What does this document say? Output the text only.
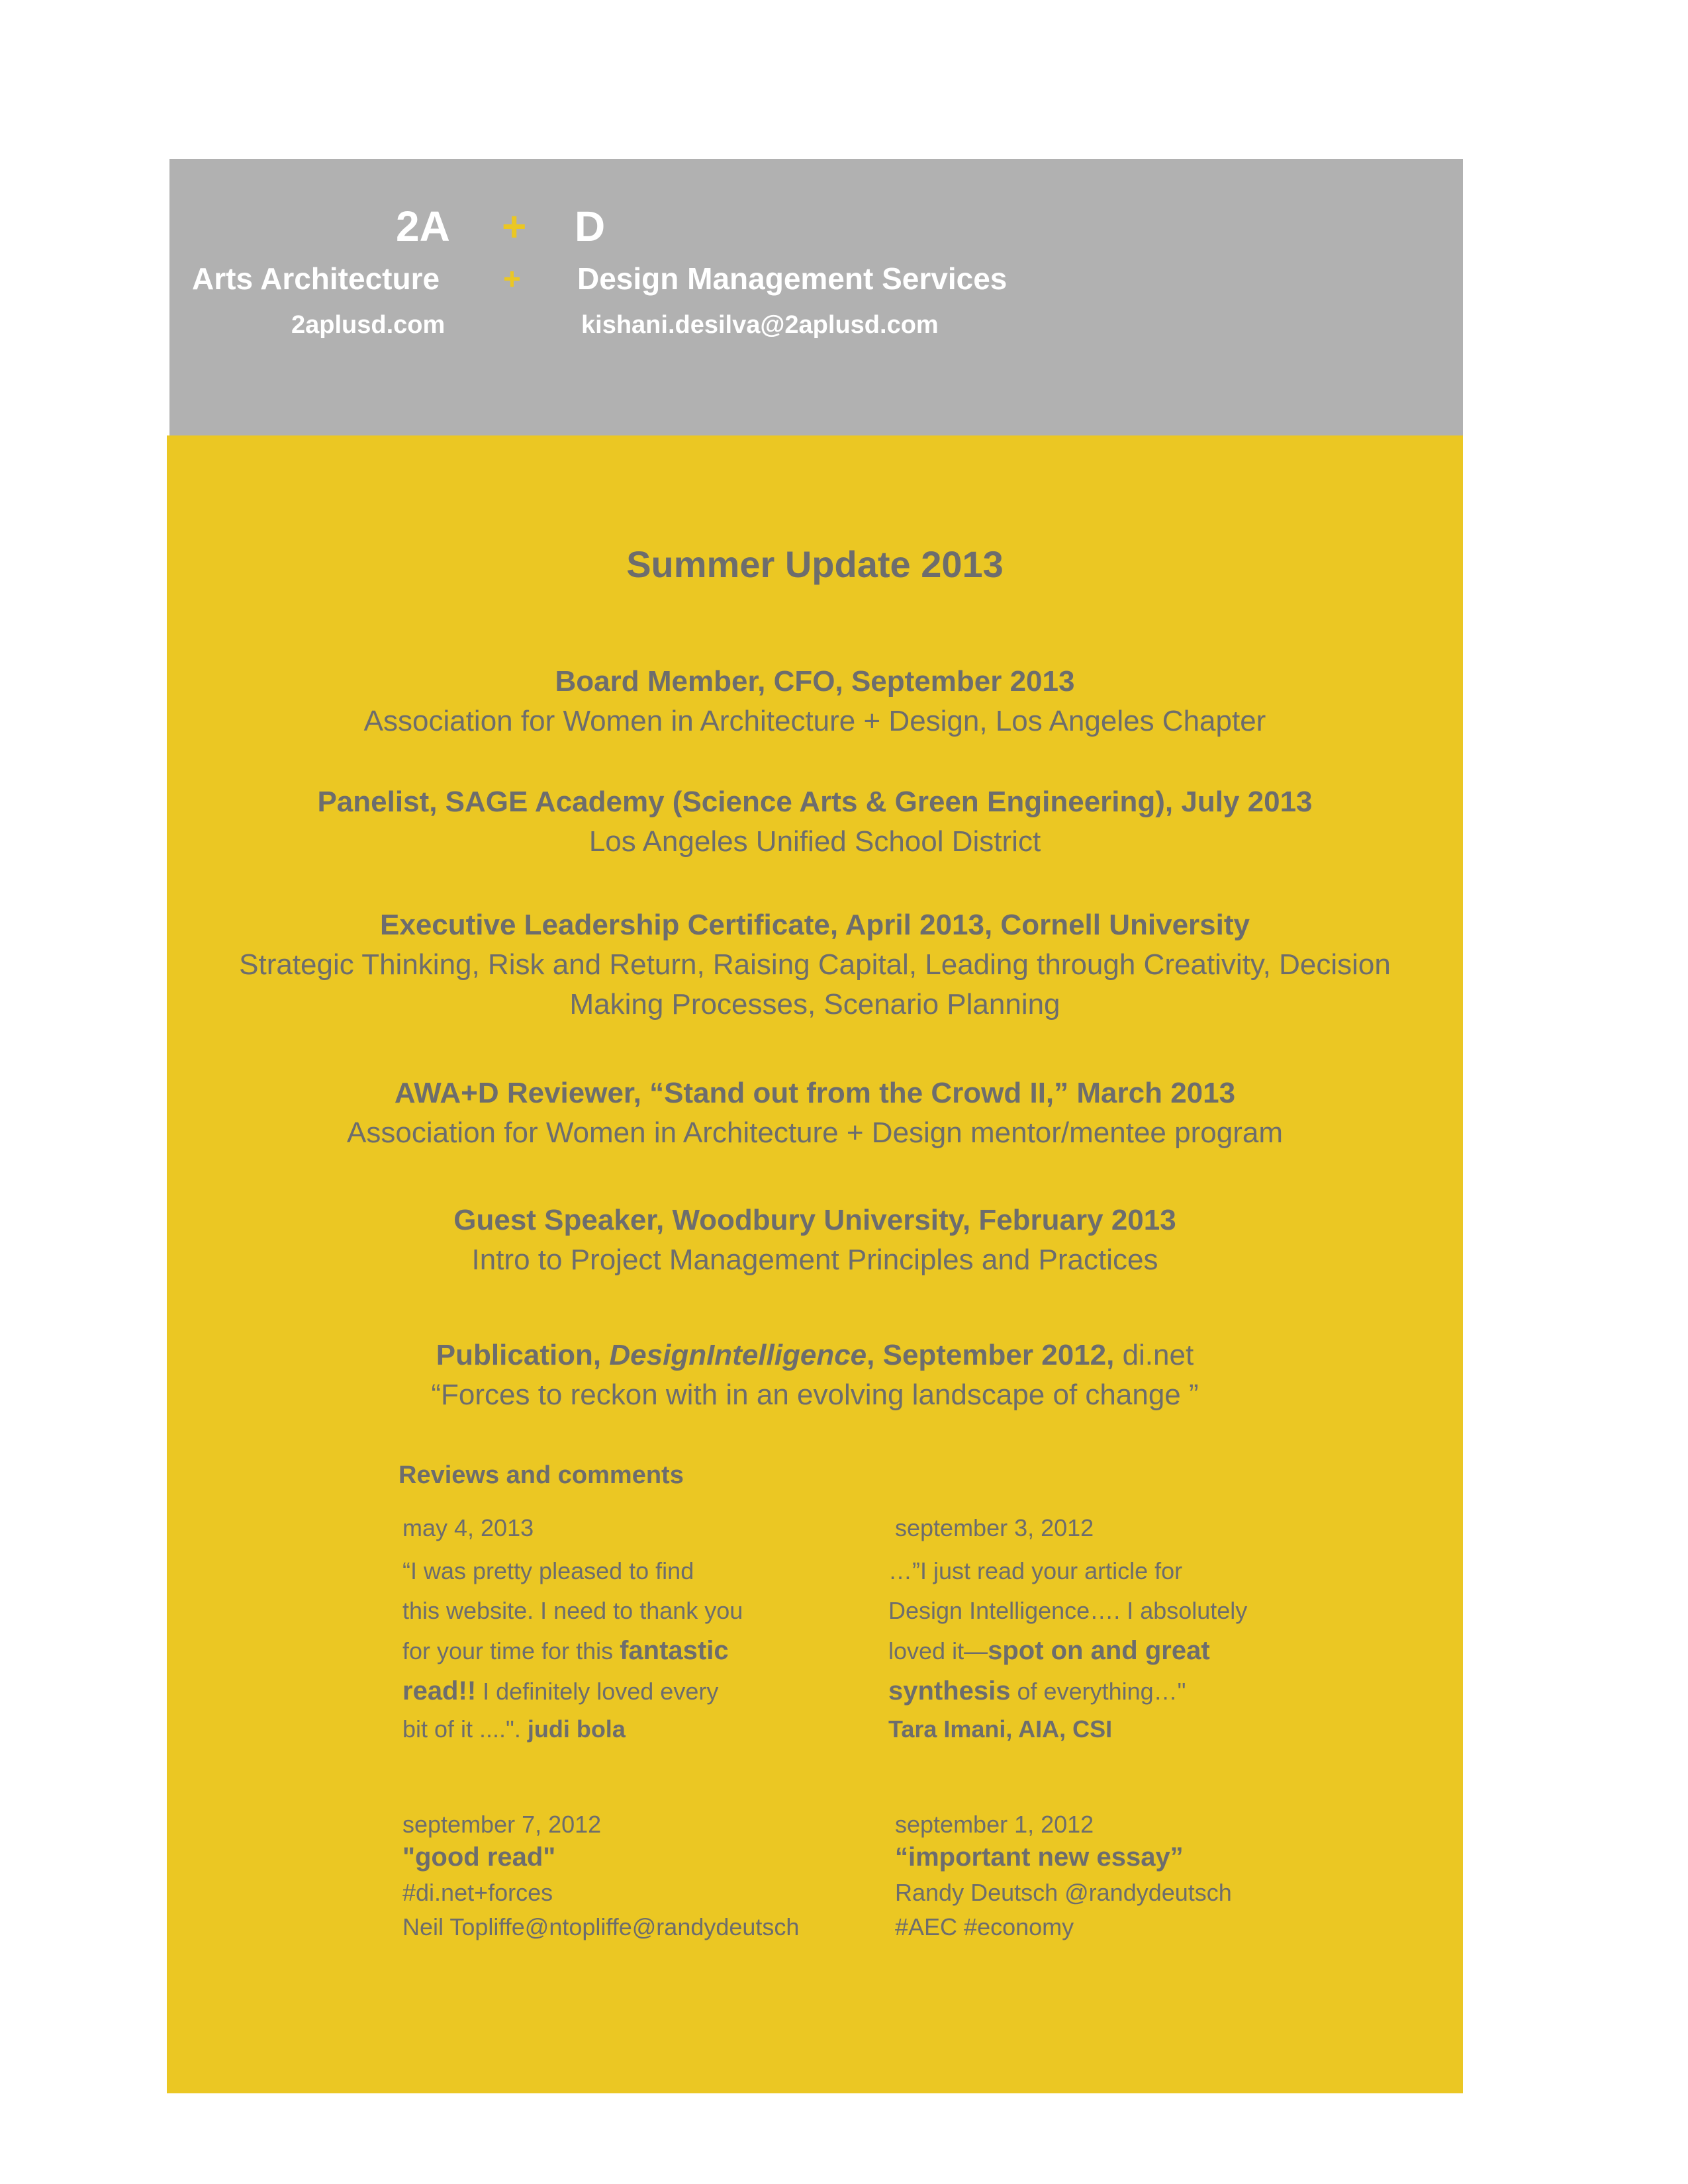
2A + D
Arts Architecture + Design Management Services
2aplusd.com	kishani.desilva@2aplusd.com
Summer Update 2013
Board Member, CFO, September 2013
Association for Women in Architecture + Design, Los Angeles Chapter
Panelist, SAGE Academy (Science Arts & Green Engineering), July 2013
Los Angeles Unified School District
Executive Leadership Certificate, April 2013, Cornell University
Strategic Thinking, Risk and Return, Raising Capital, Leading through Creativity, Decision
Making Processes, Scenario Planning
AWA+D Reviewer, “Stand out from the Crowd II,” March 2013
Association for Women in Architecture + Design mentor/mentee program
Guest Speaker, Woodbury University, February 2013
Intro to Project Management Principles and Practices
Publication, DesignIntelligence, September 2012, di.net
“Forces to reckon with in an evolving landscape of change ”
Reviews and comments
may 4, 2013
“I was pretty pleased to find
this website. I need to thank you
for your time for this fantastic
read!! I definitely loved every
bit of it ....". judi bola
september 3, 2012
…”I just read your article for
Design Intelligence…. I absolutely
loved it—spot on and great
synthesis of everything…"
Tara Imani, AIA, CSI
september 7, 2012
"good read"
#di.net+forces
Neil Topliffe@ntopliffe@randydeutsch
september 1, 2012
“important new essay”
Randy Deutsch @randydeutsch
#AEC #economy
